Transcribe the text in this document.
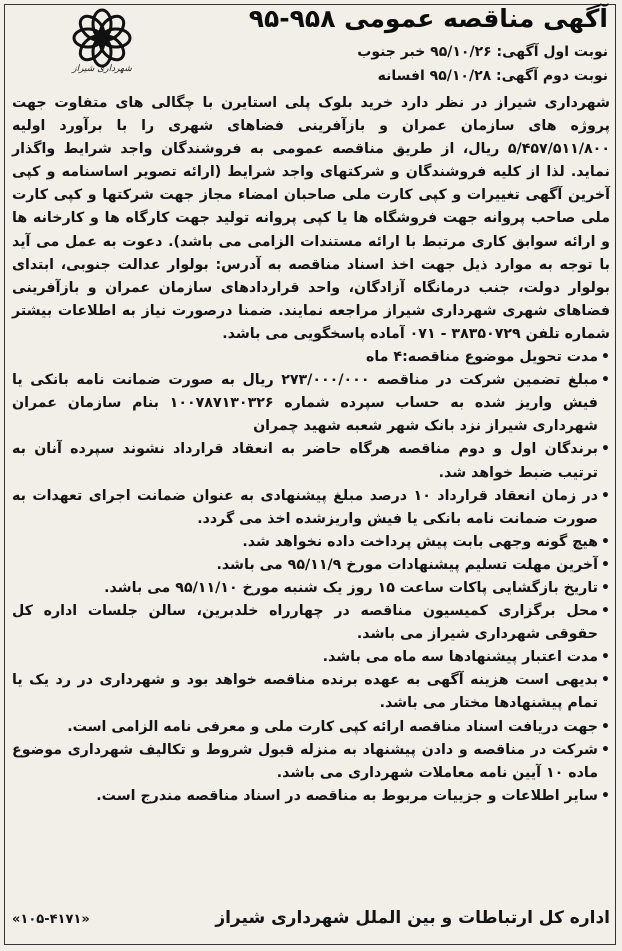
شهرداری شیراز
آگهی مناقصه عمومی ۹۵۸-۹۵
نوبت اول آگهی: ۹۵/۱۰/۲۶ خبر جنوب
نوبت دوم آگهی: ۹۵/۱۰/۲۸ افسانه

شهرداری شیراز در نظر دارد خرید بلوک پلی استایرن با چگالی های متفاوت جهت پروژه های سازمان عمران و بازآفرینی فضاهای شهری را با برآورد اولیه ۵/۴۵۷/۵۱۱/۸۰۰ ریال، از طریق مناقصه عمومی به فروشندگان واجد شرایط واگذار نماید. لذا از کلیه فروشندگان و شرکتهای واجد شرایط (ارائه تصویر اساسنامه و کپی آخرین آگهی تغییرات و کپی کارت ملی صاحبان امضاء مجاز جهت شرکتها و کپی کارت ملی صاحب پروانه جهت فروشگاه ها یا کپی پروانه تولید جهت کارگاه ها و کارخانه ها و ارائه سوابق کاری مرتبط با ارائه مستندات الزامی می باشد). دعوت به عمل می آید با توجه به موارد ذیل جهت اخذ اسناد مناقصه به آدرس: بولوار عدالت جنوبی، ابتدای بولوار دولت، جنب درمانگاه آزادگان، واحد قراردادهای سازمان عمران و بازآفرینی فضاهای شهری شهرداری شیراز مراجعه نمایند. ضمنا درصورت نیاز به اطلاعات بیشتر شماره تلفن ۳۸۳۵۰۷۲۹ - ۰۷۱ آماده پاسخگویی می باشد.

• مدت تحویل موضوع مناقصه:۴ ماه
• مبلغ تضمین شرکت در مناقصه ۲۷۳/۰۰۰/۰۰۰ ریال به صورت ضمانت نامه بانکی یا فیش واریز شده به حساب سپرده شماره ۱۰۰۷۸۷۱۳۰۳۲۶ بنام سازمان عمران شهرداری شیراز نزد بانک شهر شعبه شهید چمران
• برندگان اول و دوم مناقصه هرگاه حاضر به انعقاد قرارداد نشوند سپرده آنان به ترتیب ضبط خواهد شد.
• در زمان انعقاد قرارداد ۱۰ درصد مبلغ پیشنهادی به عنوان ضمانت اجرای تعهدات به صورت ضمانت نامه بانکی یا فیش واریزشده اخذ می گردد.
• هیچ گونه وجهی بابت پیش پرداخت داده نخواهد شد.
• آخرین مهلت تسلیم پیشنهادات مورخ ۹۵/۱۱/۹ می باشد.
• تاریخ بازگشایی پاکات ساعت ۱۵ روز یک شنبه مورخ ۹۵/۱۱/۱۰ می باشد.
• محل برگزاری کمیسیون مناقصه در چهارراه خلدبرین، سالن جلسات اداره کل حقوقی شهرداری شیراز می باشد.
• مدت اعتبار پیشنهادها سه ماه می باشد.
• بدیهی است هزینه آگهی به عهده برنده مناقصه خواهد بود و شهرداری در رد یک یا تمام پیشنهادها مختار می باشد.
• جهت دریافت اسناد مناقصه ارائه کپی کارت ملی و معرفی نامه الزامی است.
• شرکت در مناقصه و دادن پیشنهاد به منزله قبول شروط و تکالیف شهرداری موضوع ماده ۱۰ آیین نامه معاملات شهرداری می باشد.
• سایر اطلاعات و جزییات مربوط به مناقصه در اسناد مناقصه مندرج است.
اداره کل ارتباطات و بین الملل شهرداری شیراز
«۱۰۵-۴۱۷۱»
